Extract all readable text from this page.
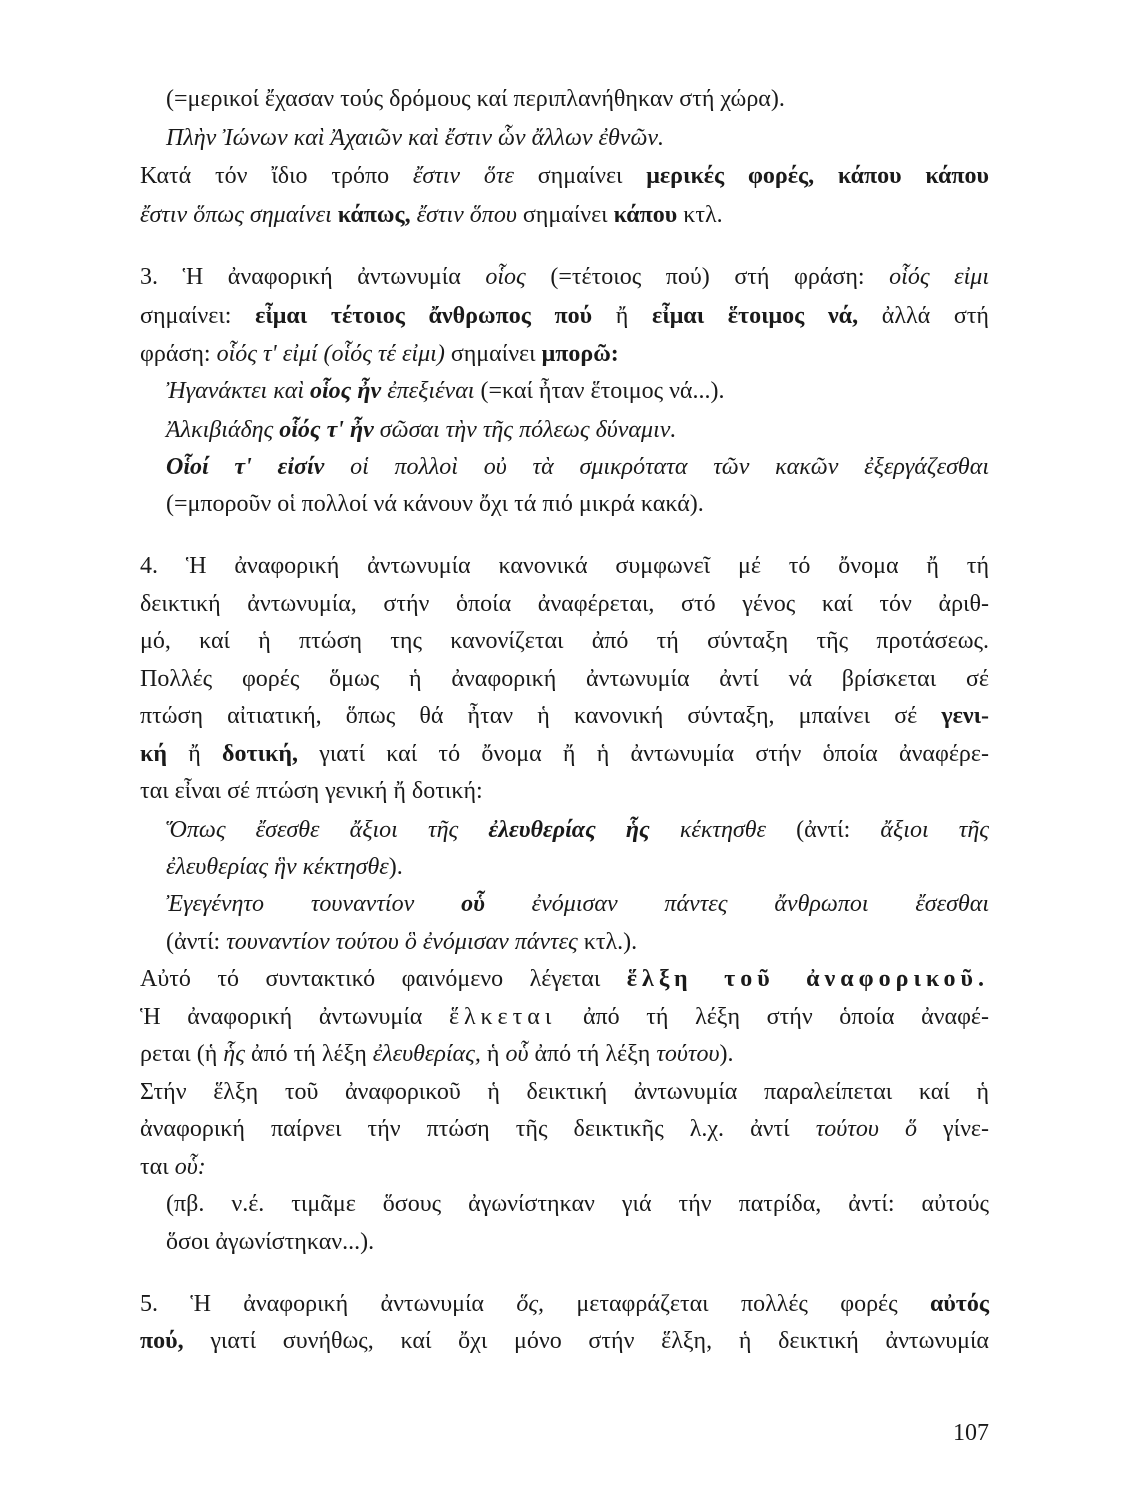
(=μερικοί ἔχασαν τούς δρόμους καί περιπλανήθηκαν στή χώρα).
Πλὴν Ἰώνων καὶ Ἀχαιῶν καὶ ἔστιν ὧν ἄλλων ἐθνῶν.
Κατά τόν ἴδιο τρόπο ἔστιν ὅτε σημαίνει μερικές φορές, κάπου κάπου
ἔστιν ὅπως σημαίνει κάπως, ἔστιν ὅπου σημαίνει κάπου κτλ.
3. Ἡ ἀναφορική ἀντωνυμία οἷος (=τέτοιος πού) στή φράση: οἷός εἰμι
σημαίνει: εἶμαι τέτοιος ἄνθρωπος πού ἤ εἶμαι ἕτοιμος νά, ἀλλά στή
φράση: οἷός τ' εἰμί (οἷός τέ εἰμι) σημαίνει μπορῶ:
Ἠγανάκτει καὶ οἷος ἦν ἐπεξιέναι (=καί ἦταν ἕτοιμος νά...).
Ἀλκιβιάδης οἷός τ' ἦν σῶσαι τὴν τῆς πόλεως δύναμιν.
Οἷοί τ' εἰσίν οἱ πολλοὶ οὐ τὰ σμικρότατα τῶν κακῶν ἐξεργάζεσθαι
(=μποροῦν οἱ πολλοί νά κάνουν ὄχι τά πιό μικρά κακά).
4. Ἡ ἀναφορική ἀντωνυμία κανονικά συμφωνεῖ μέ τό ὄνομα ἤ τή
δεικτική ἀντωνυμία, στήν ὁποία ἀναφέρεται, στό γένος καί τόν ἀριθ-
μό, καί ἡ πτώση της κανονίζεται ἀπό τή σύνταξη τῆς προτάσεως.
Πολλές φορές ὅμως ἡ ἀναφορική ἀντωνυμία ἀντί νά βρίσκεται σέ
πτώση αἰτιατική, ὅπως θά ἦταν ἡ κανονική σύνταξη, μπαίνει σέ γενι-
κή ἤ δοτική, γιατί καί τό ὄνομα ἤ ἡ ἀντωνυμία στήν ὁποία ἀναφέρε-
ται εἶναι σέ πτώση γενική ἤ δοτική:
Ὅπως ἔσεσθε ἄξιοι τῆς ἐλευθερίας ἧς κέκτησθε (ἀντί: ἄξιοι τῆς
ἐλευθερίας ἣν κέκτησθε).
Ἐγεγένητο τουναντίον οὗ ἐνόμισαν πάντες ἄνθρωποι ἔσεσθαι
(ἀντί: τουναντίον τούτου ὃ ἐνόμισαν πάντες κτλ.).
Αὐτό τό συντακτικό φαινόμενο λέγεται ἕλξη τοῦ ἀναφορικοῦ.
Ἡ ἀναφορική ἀντωνυμία ἕλκεται ἀπό τή λέξη στήν ὁποία ἀναφέ-
ρεται (ἡ ἧς ἀπό τή λέξη ἐλευθερίας, ἡ οὗ ἀπό τή λέξη τούτου).
Στήν ἕλξη τοῦ ἀναφορικοῦ ἡ δεικτική ἀντωνυμία παραλείπεται καί ἡ
ἀναφορική παίρνει τήν πτώση τῆς δεικτικῆς λ.χ. ἀντί τούτου ὅ γίνε-
ται οὗ:
(πβ. ν.έ. τιμᾶμε ὅσους ἀγωνίστηκαν γιά τήν πατρίδα, ἀντί: αὐτούς
ὅσοι ἀγωνίστηκαν...).
5. Ἡ ἀναφορική ἀντωνυμία ὅς, μεταφράζεται πολλές φορές αὐτός
πού, γιατί συνήθως, καί ὄχι μόνο στήν ἕλξη, ἡ δεικτική ἀντωνυμία
107
